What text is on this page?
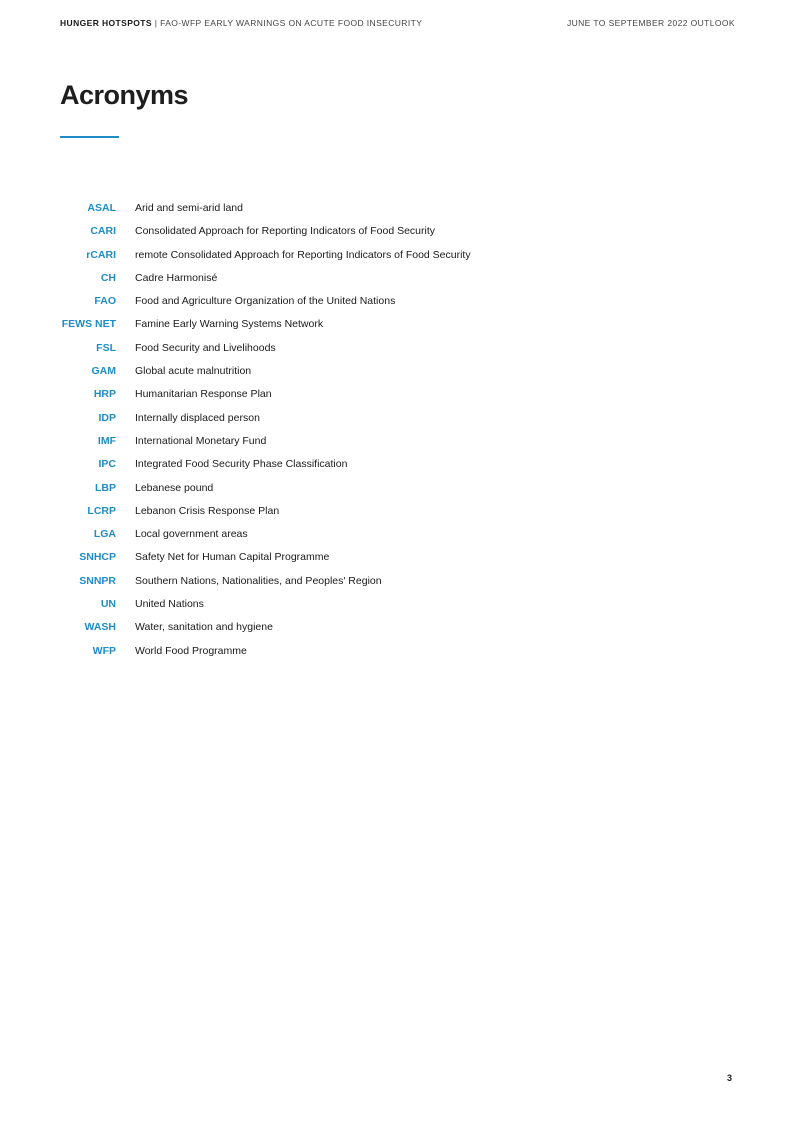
HUNGER HOTSPOTS | FAO-WFP EARLY WARNINGS ON ACUTE FOOD INSECURITY	JUNE TO SEPTEMBER 2022 OUTLOOK
Acronyms
ASAL Arid and semi-arid land
CARI Consolidated Approach for Reporting Indicators of Food Security
rCARI remote Consolidated Approach for Reporting Indicators of Food Security
CH Cadre Harmonisé
FAO Food and Agriculture Organization of the United Nations
FEWS NET Famine Early Warning Systems Network
FSL Food Security and Livelihoods
GAM Global acute malnutrition
HRP Humanitarian Response Plan
IDP Internally displaced person
IMF International Monetary Fund
IPC Integrated Food Security Phase Classification
LBP Lebanese pound
LCRP Lebanon Crisis Response Plan
LGA Local government areas
SNHCP Safety Net for Human Capital Programme
SNNPR Southern Nations, Nationalities, and Peoples' Region
UN United Nations
WASH Water, sanitation and hygiene
WFP World Food Programme
3
